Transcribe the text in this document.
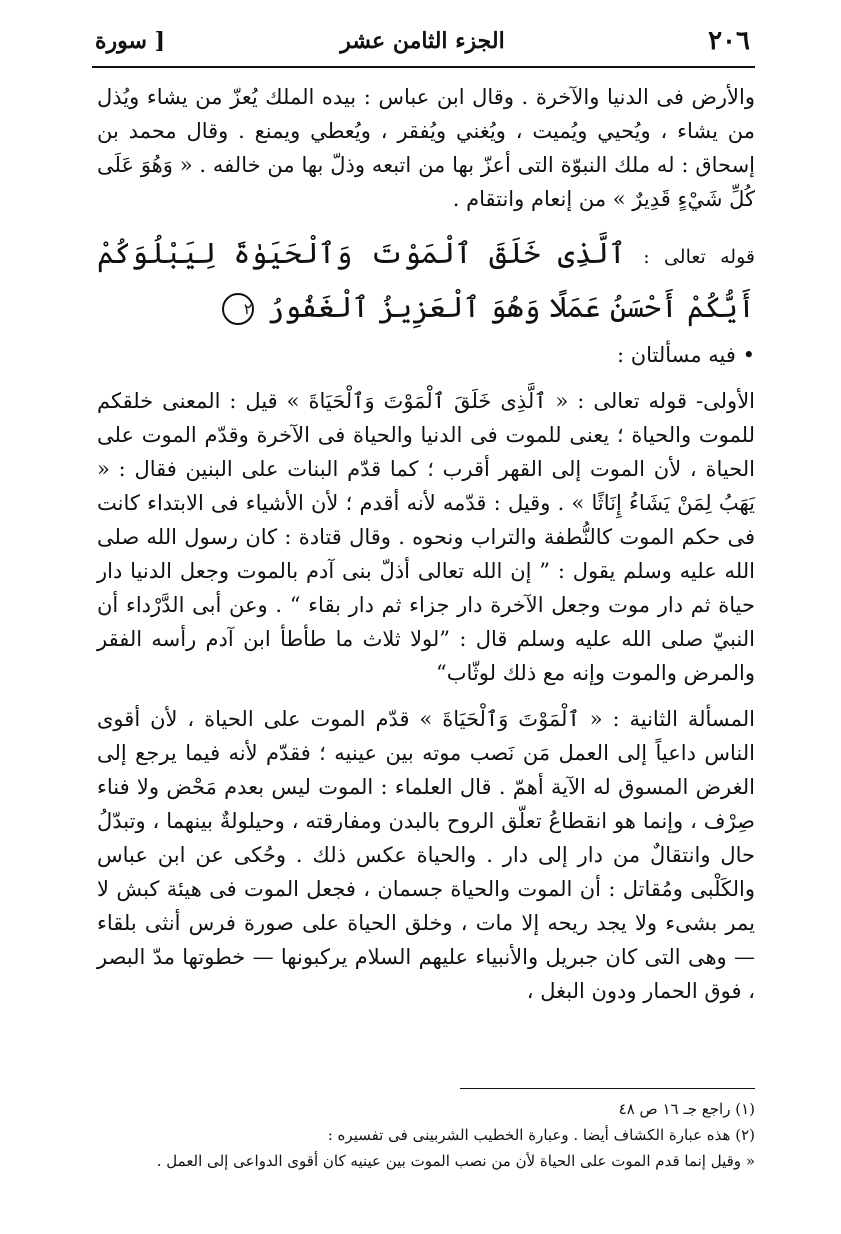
٢٠٦
الجزء الثامن عشر
[ سورة

والأرض فى الدنيا والآخرة . وقال ابن عباس : بيده الملك يُعزّ من يشاء ويُذل من يشاء ، ويُحيي ويُميت ، ويُغني ويُفقر ، ويُعطي ويمنع . وقال محمد بن إسحاق : له ملك النبوّة التى أعزّ بها من اتبعه وذلّ بها من خالفه . « وَهُوَ عَلَى كُلِّ شَيْءٍ قَدِيرٌ » من إنعام وانتقام .

قوله تعالى : ٱلَّذِى خَلَقَ ٱلْمَوْتَ وَٱلْحَيَوٰةَ لِيَبْلُوَكُمْ أَيُّكُمْ أَحْسَنُ عَمَلًا وَهُوَ ٱلْعَزِيزُ ٱلْغَفُورُ ٢

• فيه مسألتان :

الأولى- قوله تعالى : « ٱلَّذِى خَلَقَ ٱلْمَوْتَ وَٱلْحَيَاةَ » قيل : المعنى خلقكم للموت والحياة ؛ يعنى للموت فى الدنيا والحياة فى الآخرة وقدّم الموت على الحياة ، لأن الموت إلى القهر أقرب ؛ كما قدّم البنات على البنين فقال : « يَهَبُ لِمَنْ يَشَاءُ إِنَاثًا » . وقيل : قدّمه لأنه أقدم ؛ لأن الأشياء فى الابتداء كانت فى حكم الموت كالنُّطفة والتراب ونحوه . وقال قتادة : كان رسول الله صلى الله عليه وسلم يقول : ” إن الله تعالى أذلّ بنى آدم بالموت وجعل الدنيا دار حياة ثم دار موت وجعل الآخرة دار جزاء ثم دار بقاء “ . وعن أبى الدَّرْداء أن النبيّ صلى الله عليه وسلم قال : ”لولا ثلاث ما طأطأ ابن آدم رأسه الفقر والمرض والموت وإنه مع ذلك لوثّاب“

المسألة الثانية : « ٱلْمَوْتَ وَٱلْحَيَاةَ » قدّم الموت على الحياة ، لأن أقوى الناس داعياً إلى العمل مَن نَصب موته بين عينيه ؛ فقدّم لأنه فيما يرجع إلى الغرض المسوق له الآية أهمّ . قال العلماء : الموت ليس بعدم مَحْض ولا فناء صِرْف ، وإنما هو انقطاعُ تعلّق الروح بالبدن ومفارقته ، وحيلولةٌ بينهما ، وتبدّلُ حال وانتقالٌ من دار إلى دار . والحياة عكس ذلك . وحُكى عن ابن عباس والكَلْبى ومُقاتل : أن الموت والحياة جسمان ، فجعل الموت فى هيئة كبش لا يمر بشىء ولا يجد ريحه إلا مات ، وخلق الحياة على صورة فرس أنثى بلقاء — وهى التى كان جبريل والأنبياء عليهم السلام يركبونها — خطوتها مدّ البصر ، فوق الحمار ودون البغل ،

(١) راجع جـ ١٦ ص ٤٨

(٢) هذه عبارة الكشاف أيضا . وعبارة الخطيب الشربينى فى تفسيره :

« وقيل إنما قدم الموت على الحياة لأن من نصب الموت بين عينيه كان أقوى الدواعى إلى العمل .
